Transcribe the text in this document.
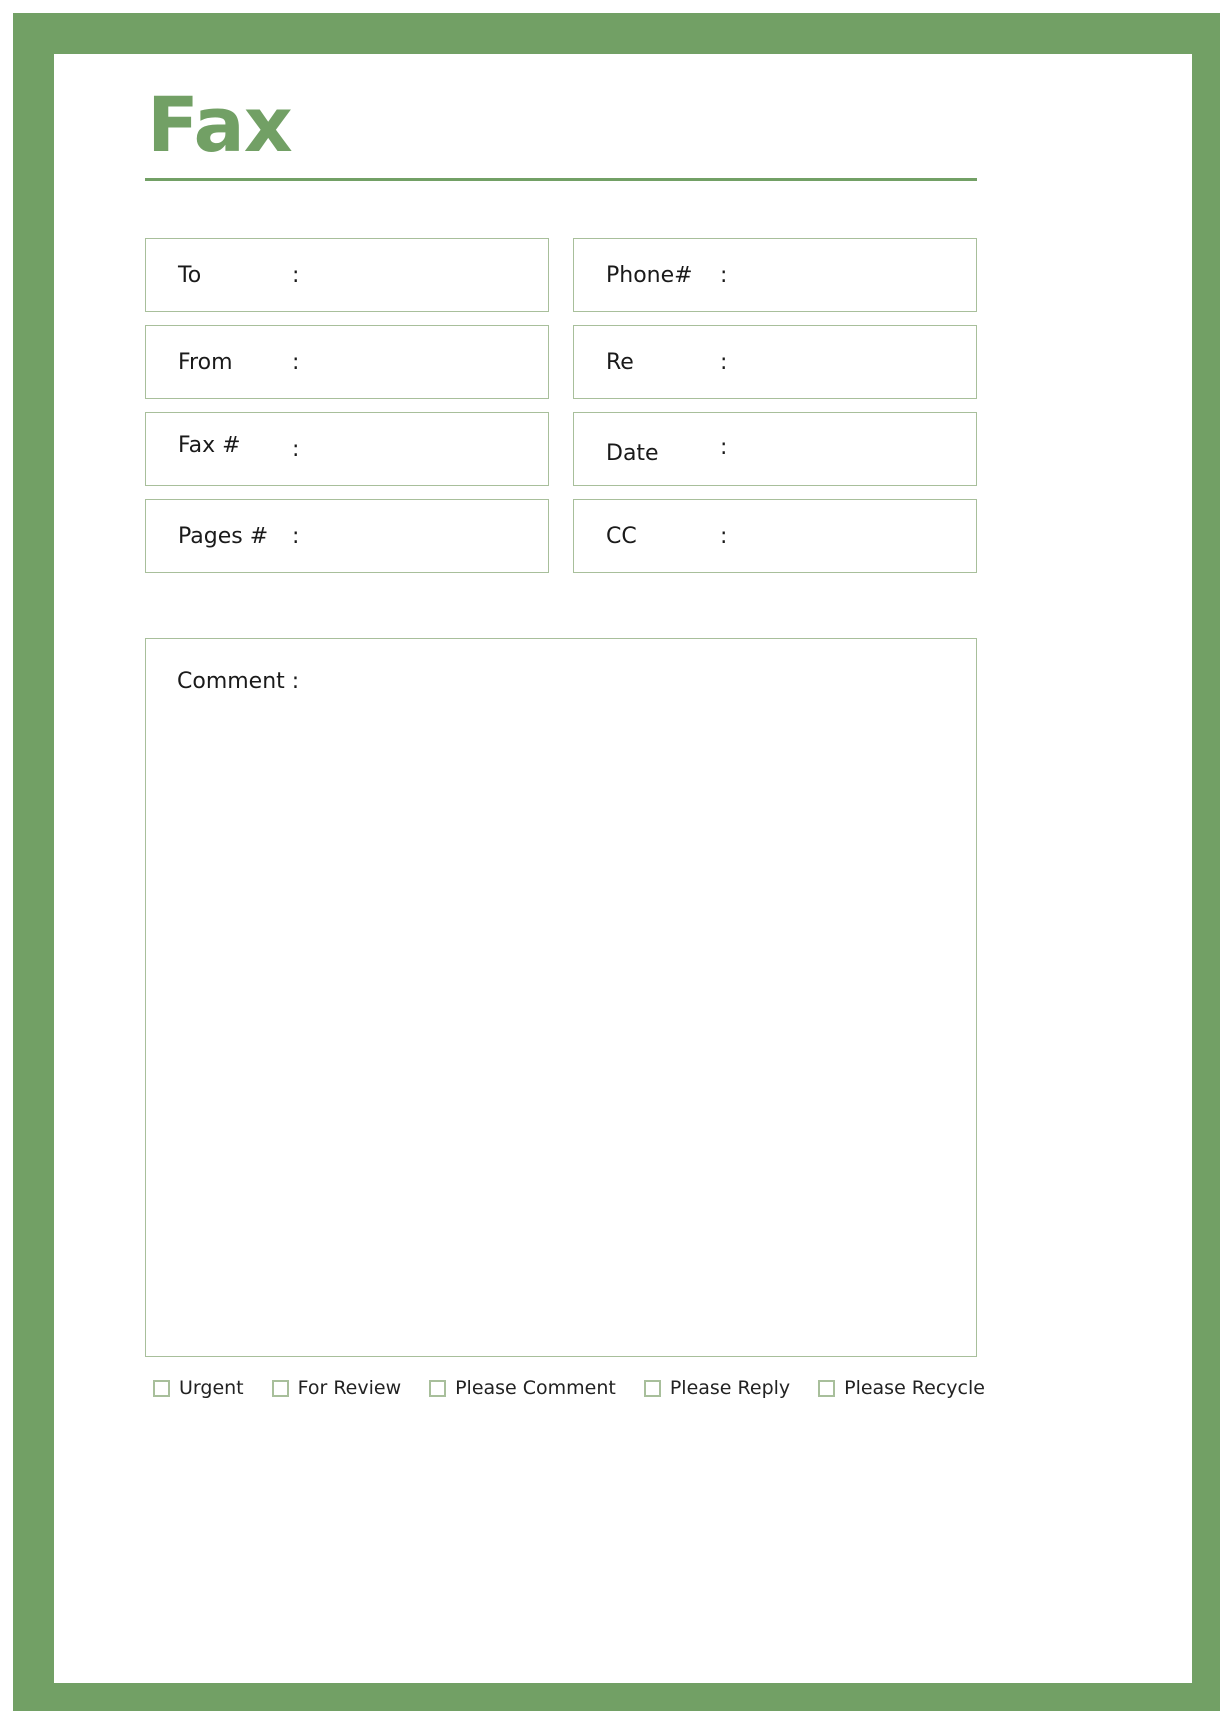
Fax
To	:	Phone# :
From	:	Re	:
Fax # :	Date	:
Pages # :	CC	:
Comment :
Urgent	For Review	Please Comment	Please Reply	Please Recycle
